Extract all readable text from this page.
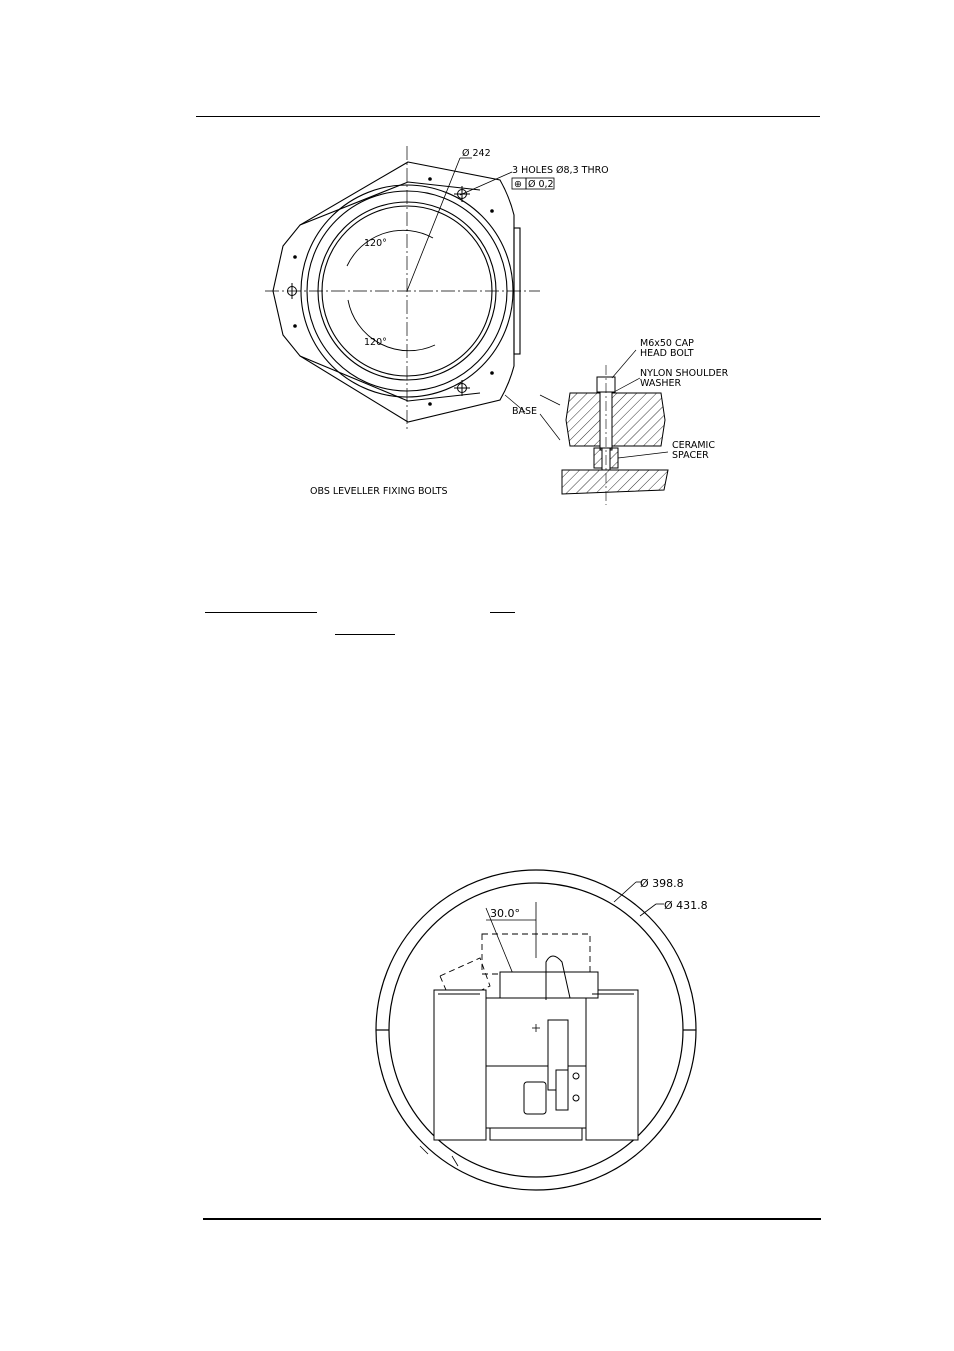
Ø 242
3 HOLES Ø8,3 THRO
⊕ Ø 0,2
120°
120°	M6x50 CAP
HEAD BOLT
NYLON SHOULDER
WASHER
BASE
CERAMIC
SPACER
OBS LEVELLER FIXING BOLTS
Ø 398.8
Ø 431.8
30.0°
